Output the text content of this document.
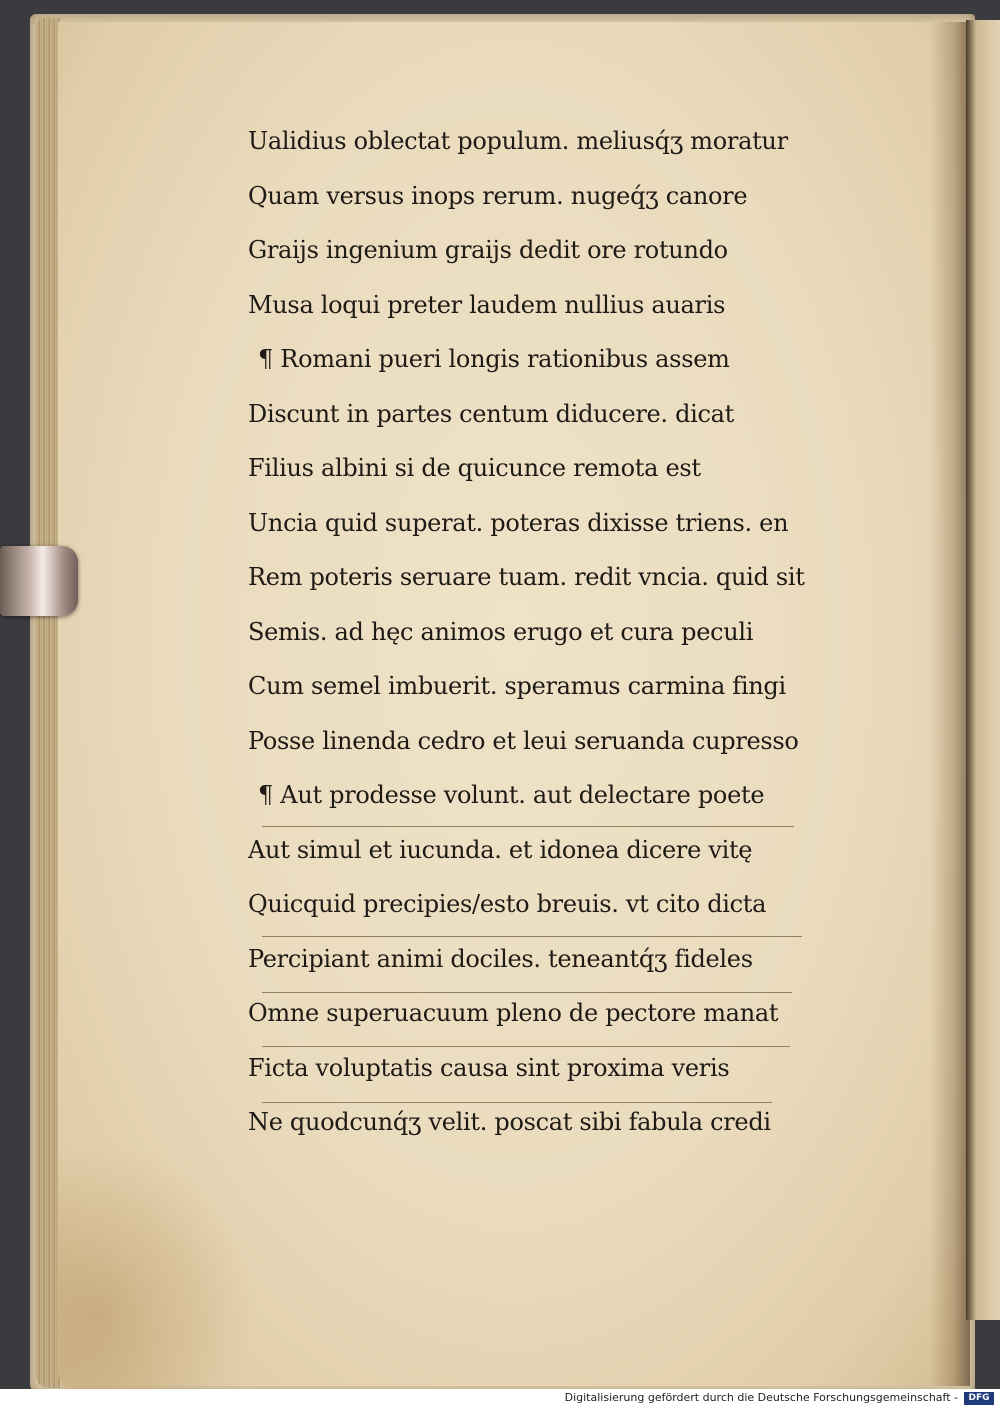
Ualidius oblectat populum. meliusq́ʒ moratur
Quam versus inops rerum. nugeq́ʒ canore
Graijs ingenium graijs dedit ore rotundo
Musa loqui preter laudem nullius auaris
¶ Romani pueri longis rationibus assem
Discunt in partes centum diducere. dicat
Filius albini si de quicunce remota est
Uncia quid superat. poteras dixisse triens. en
Rem poteris seruare tuam. redit vncia. quid sit
Semis. ad hęc animos erugo et cura peculi
Cum semel imbuerit. speramus carmina fingi
Posse linenda cedro et leui seruanda cupresso
¶ Aut prodesse volunt. aut delectare poete
Aut simul et iucunda. et idonea dicere vitę
Quicquid precipies/esto breuis. vt cito dicta
Percipiant animi dociles. teneantq́ʒ fideles
Omne superuacuum pleno de pectore manat
Ficta voluptatis causa sint proxima veris
Ne quodcunq́ʒ velit. poscat sibi fabula credi
Digitalisierung gefördert durch die Deutsche Forschungsgemeinschaft -	DFG
